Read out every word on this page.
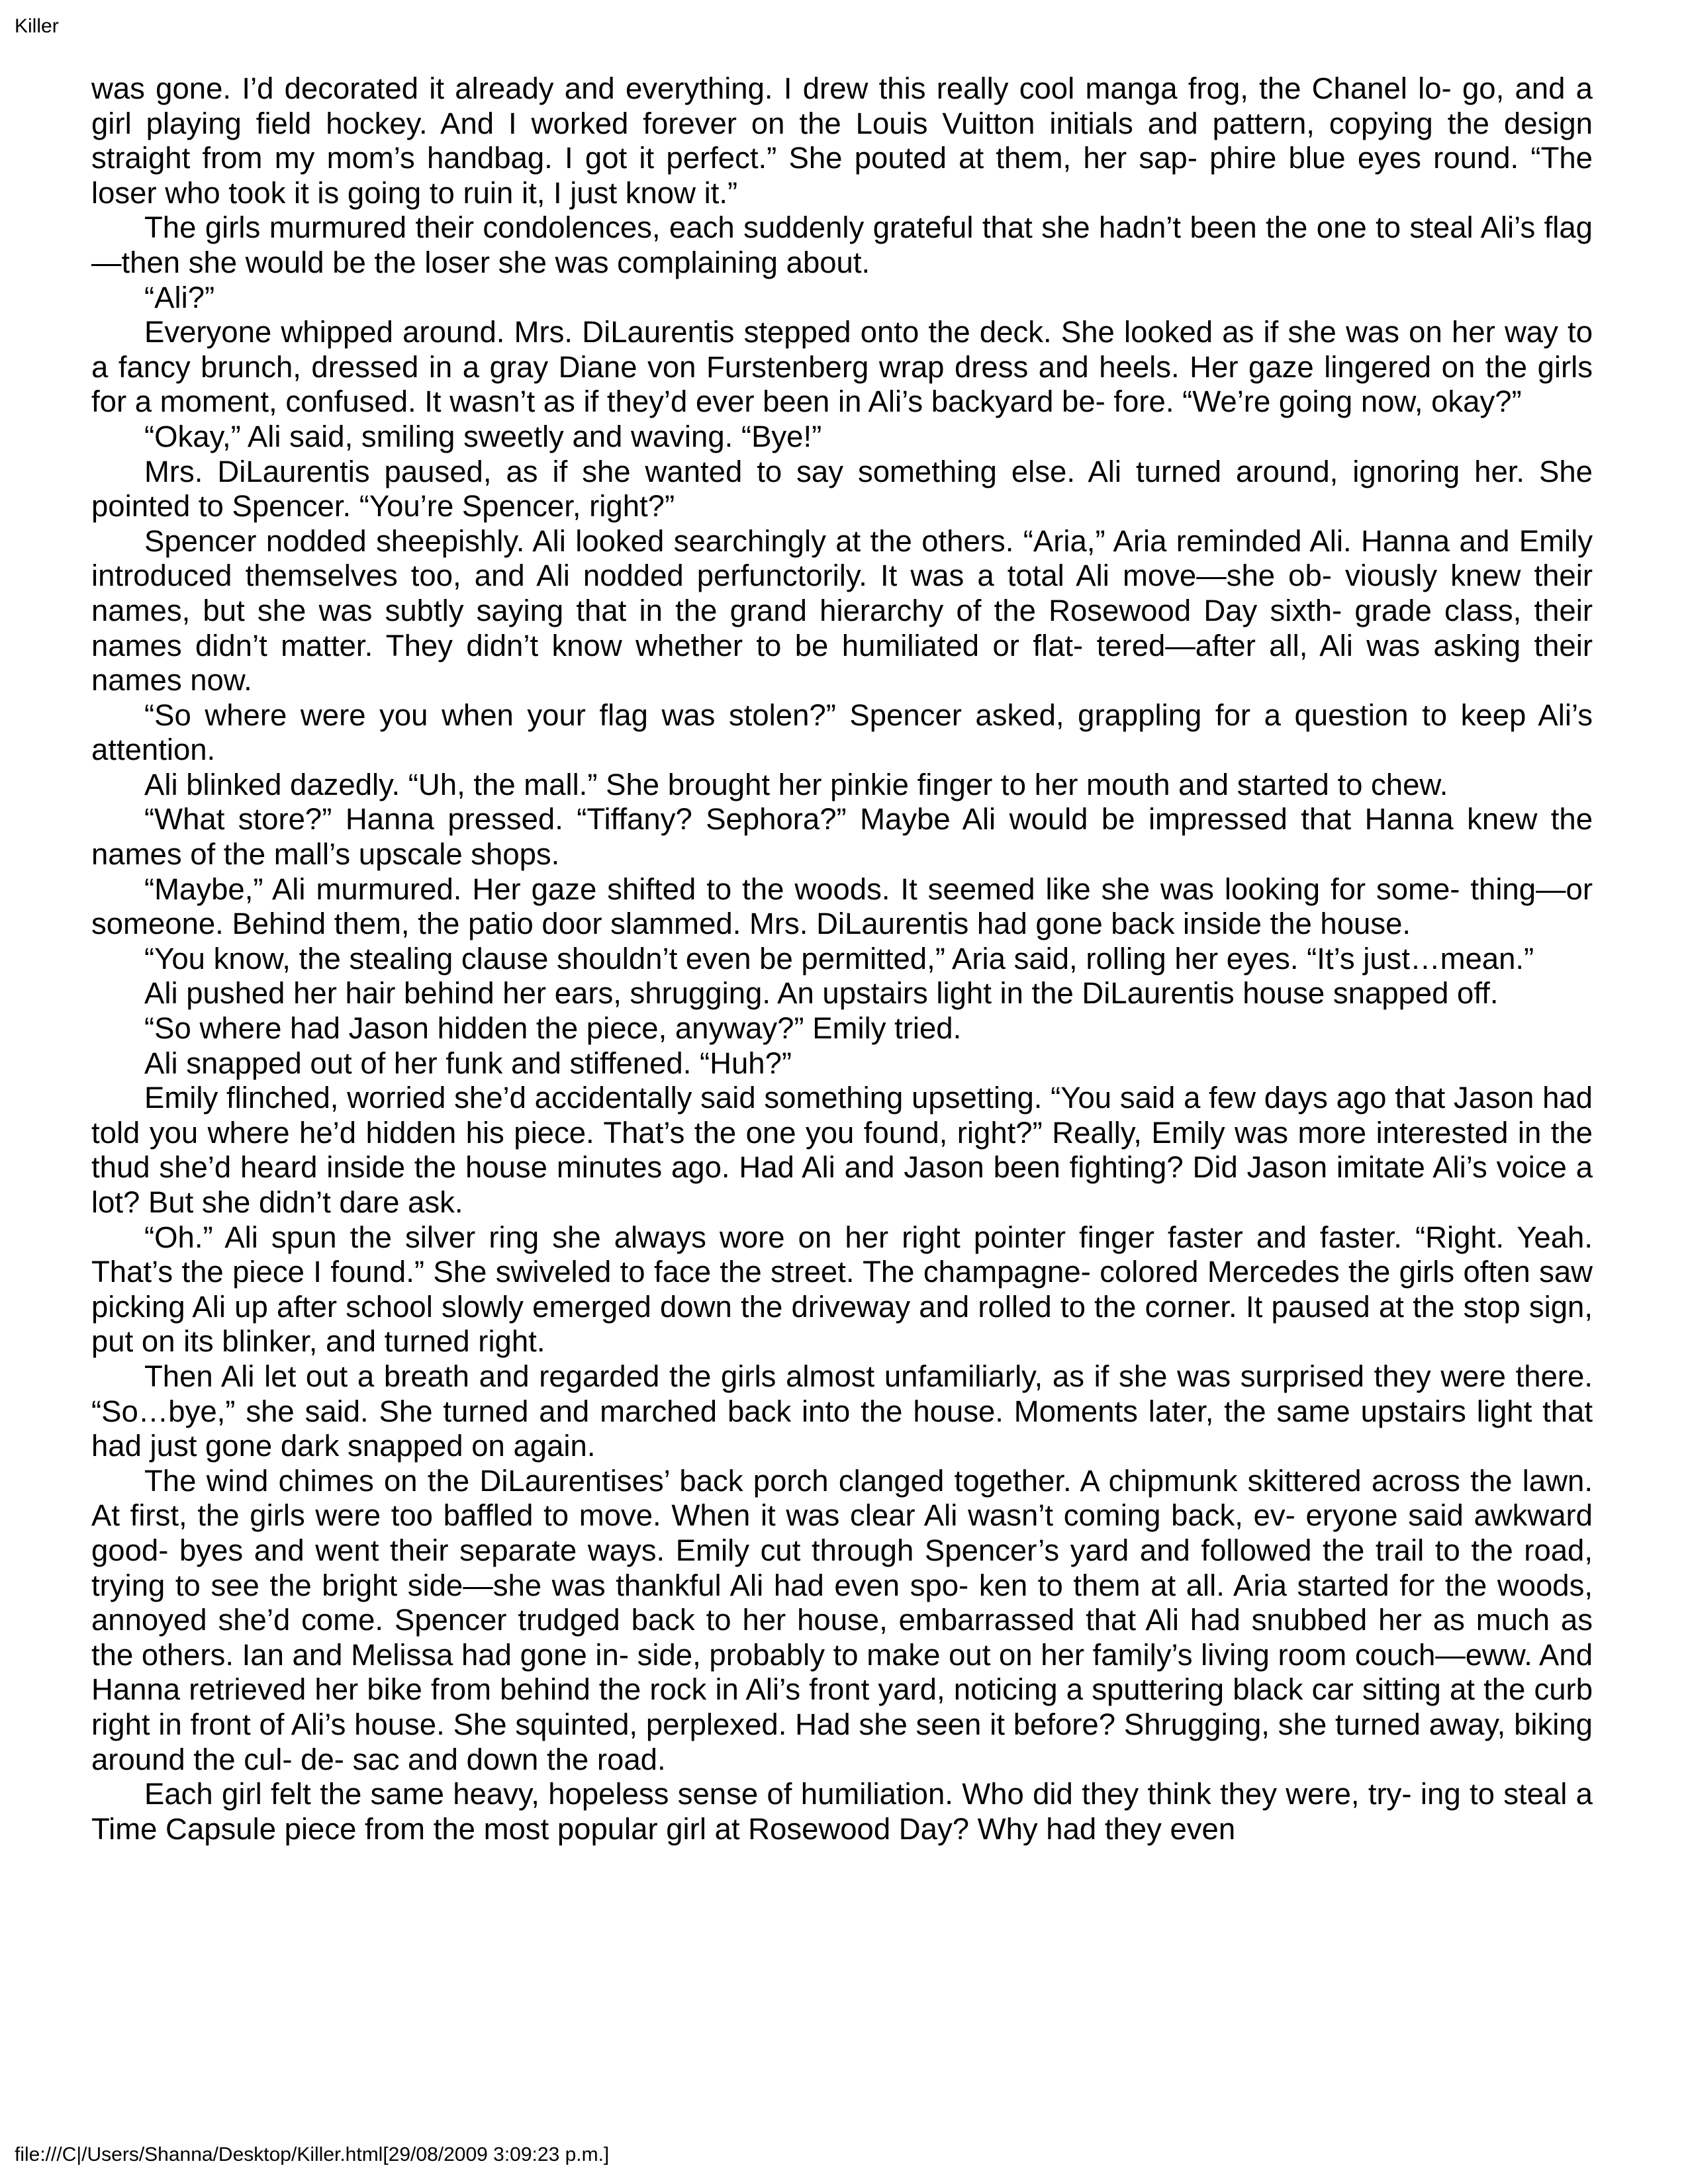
Killer

was gone. I’d decorated it already and everything. I drew this really cool manga frog, the Chanel lo- go, and a girl playing field hockey. And I worked forever on the Louis Vuitton initials and pattern, copying the design straight from my mom’s handbag. I got it perfect.” She pouted at them, her sap- phire blue eyes round. “The loser who took it is going to ruin it, I just know it.”

The girls murmured their condolences, each suddenly grateful that she hadn’t been the one to steal Ali’s flag—then she would be the loser she was complaining about.

“Ali?”

Everyone whipped around. Mrs. DiLaurentis stepped onto the deck. She looked as if she was on her way to a fancy brunch, dressed in a gray Diane von Furstenberg wrap dress and heels. Her gaze lingered on the girls for a moment, confused. It wasn’t as if they’d ever been in Ali’s backyard be- fore. “We’re going now, okay?”

“Okay,” Ali said, smiling sweetly and waving. “Bye!”

Mrs. DiLaurentis paused, as if she wanted to say something else. Ali turned around, ignoring her. She pointed to Spencer. “You’re Spencer, right?”

Spencer nodded sheepishly. Ali looked searchingly at the others. “Aria,” Aria reminded Ali. Hanna and Emily introduced themselves too, and Ali nodded perfunctorily. It was a total Ali move—she ob- viously knew their names, but she was subtly saying that in the grand hierarchy of the Rosewood Day sixth- grade class, their names didn’t matter. They didn’t know whether to be humiliated or flat- tered—after all, Ali was asking their names now.

“So where were you when your flag was stolen?” Spencer asked, grappling for a question to keep Ali’s attention.

Ali blinked dazedly. “Uh, the mall.” She brought her pinkie finger to her mouth and started to chew.

“What store?” Hanna pressed. “Tiffany? Sephora?” Maybe Ali would be impressed that Hanna knew the names of the mall’s upscale shops.

“Maybe,” Ali murmured. Her gaze shifted to the woods. It seemed like she was looking for some- thing—or someone. Behind them, the patio door slammed. Mrs. DiLaurentis had gone back inside the house.

“You know, the stealing clause shouldn’t even be permitted,” Aria said, rolling her eyes. “It’s just…mean.”

Ali pushed her hair behind her ears, shrugging. An upstairs light in the DiLaurentis house snapped off.

“So where had Jason hidden the piece, anyway?” Emily tried.

Ali snapped out of her funk and stiffened. “Huh?”

Emily flinched, worried she’d accidentally said something upsetting. “You said a few days ago that Jason had told you where he’d hidden his piece. That’s the one you found, right?” Really, Emily was more interested in the thud she’d heard inside the house minutes ago. Had Ali and Jason been fighting? Did Jason imitate Ali’s voice a lot? But she didn’t dare ask.

“Oh.” Ali spun the silver ring she always wore on her right pointer finger faster and faster. “Right. Yeah. That’s the piece I found.” She swiveled to face the street. The champagne- colored Mercedes the girls often saw picking Ali up after school slowly emerged down the driveway and rolled to the corner. It paused at the stop sign, put on its blinker, and turned right.

Then Ali let out a breath and regarded the girls almost unfamiliarly, as if she was surprised they were there. “So…bye,” she said. She turned and marched back into the house. Moments later, the same upstairs light that had just gone dark snapped on again.

The wind chimes on the DiLaurentises’ back porch clanged together. A chipmunk skittered across the lawn. At first, the girls were too baffled to move. When it was clear Ali wasn’t coming back, ev- eryone said awkward good- byes and went their separate ways. Emily cut through Spencer’s yard and followed the trail to the road, trying to see the bright side—she was thankful Ali had even spo- ken to them at all. Aria started for the woods, annoyed she’d come. Spencer trudged back to her house, embarrassed that Ali had snubbed her as much as the others. Ian and Melissa had gone in- side, probably to make out on her family’s living room couch—eww. And Hanna retrieved her bike from behind the rock in Ali’s front yard, noticing a sputtering black car sitting at the curb right in front of Ali’s house. She squinted, perplexed. Had she seen it before? Shrugging, she turned away, biking around the cul- de- sac and down the road.

Each girl felt the same heavy, hopeless sense of humiliation. Who did they think they were, try- ing to steal a Time Capsule piece from the most popular girl at Rosewood Day? Why had they even

file:///C|/Users/Shanna/Desktop/Killer.html[29/08/2009 3:09:23 p.m.]
